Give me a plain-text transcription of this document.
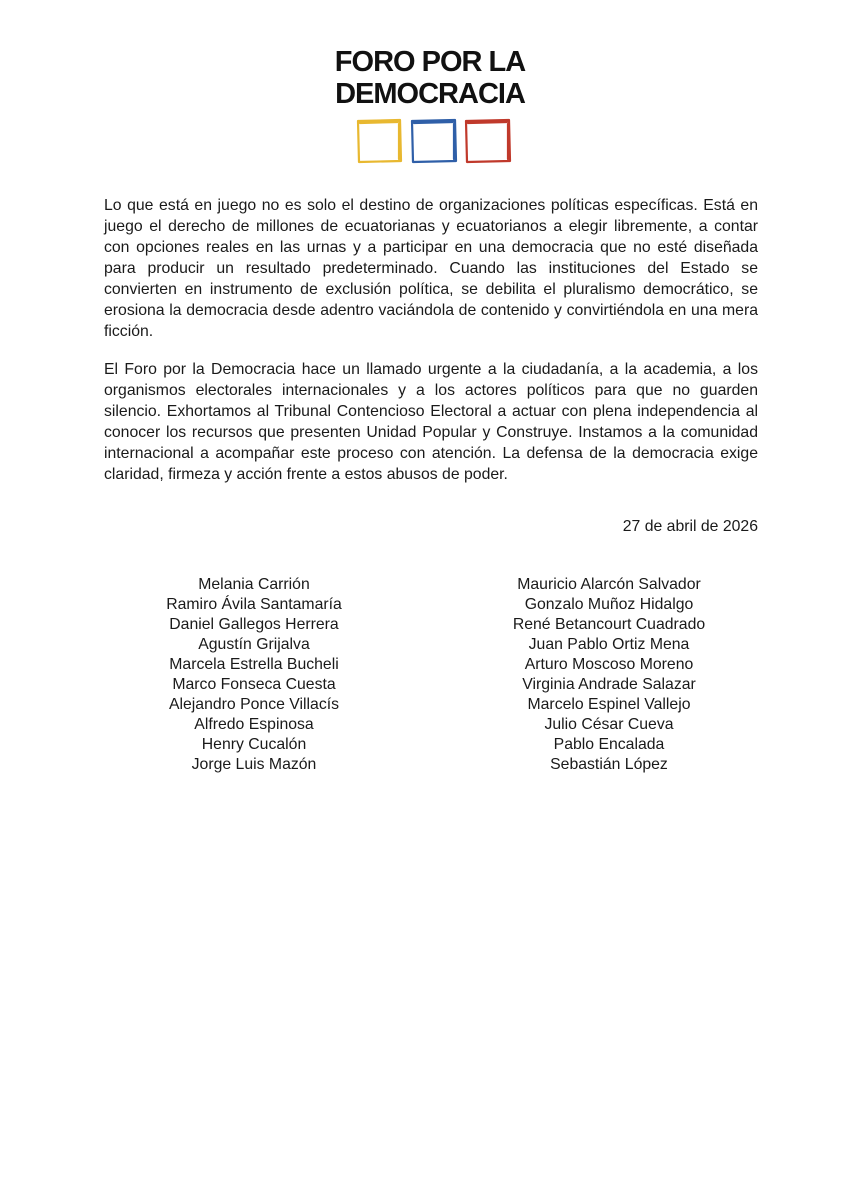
FORO POR LA
DEMOCRACIA

Lo que está en juego no es solo el destino de organizaciones políticas específicas. Está en juego el derecho de millones de ecuatorianas y ecuatorianos a elegir libremente, a contar con opciones reales en las urnas y a participar en una democracia que no esté diseñada para producir un resultado predeterminado. Cuando las instituciones del Estado se convierten en instrumento de exclusión política, se debilita el pluralismo democrático, se erosiona la democracia desde adentro vaciándola de contenido y convirtiéndola en una mera ficción.

El Foro por la Democracia hace un llamado urgente a la ciudadanía, a la academia, a los organismos electorales internacionales y a los actores políticos para que no guarden silencio. Exhortamos al Tribunal Contencioso Electoral a actuar con plena independencia al conocer los recursos que presenten Unidad Popular y Construye. Instamos a la comunidad internacional a acompañar este proceso con atención. La defensa de la democracia exige claridad, firmeza y acción frente a estos abusos de poder.

27 de abril de 2026
Melania Carrión
Ramiro Ávila Santamaría
Daniel Gallegos Herrera
Agustín Grijalva
Marcela Estrella Bucheli
Marco Fonseca Cuesta
Alejandro Ponce Villacís
Alfredo Espinosa
Henry Cucalón
Jorge Luis Mazón
Mauricio Alarcón Salvador
Gonzalo Muñoz Hidalgo
René Betancourt Cuadrado
Juan Pablo Ortiz Mena
Arturo Moscoso Moreno
Virginia Andrade Salazar
Marcelo Espinel Vallejo
Julio César Cueva
Pablo Encalada
Sebastián López
